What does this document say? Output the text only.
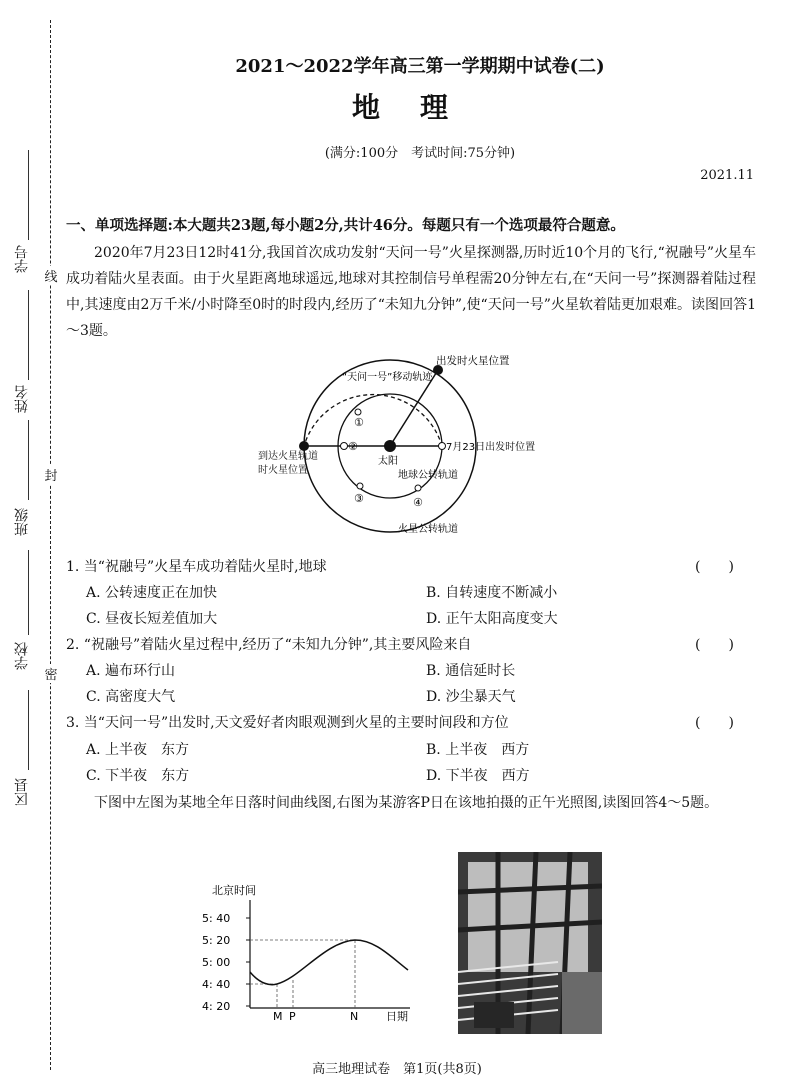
线
封
密
学号
姓名
班级
学校
区县
2021～2022学年高三第一学期期中试卷(二)
地理
(满分:100分　考试时间:75分钟)
2021.11
一、单项选择题:本大题共23题,每小题2分,共计46分。每题只有一个选项最符合题意。
2020年7月23日12时41分,我国首次成功发射“天问一号”火星探测器,历时近10个月的飞行,“祝融号”火星车成功着陆火星表面。由于火星距离地球遥远,地球对其控制信号单程需20分钟左右,在“天问一号”探测器着陆过程中,其速度由2万千米/小时降至0时的时段内,经历了“未知九分钟”,使“天问一号”火星软着陆更加艰难。读图回答1～3题。
①
②
③	④
出发时火星位置
“天问一号”移动轨迹
7月23日出发时位置
太阳
地球公转轨道
火星公转轨道
到达火星轨道时火星位置
1. 当“祝融号”火星车成功着陆火星时,地球	(　　)
A. 公转速度正在加快	B. 自转速度不断减小
C. 昼夜长短差值加大	D. 正午太阳高度变大
2. “祝融号”着陆火星过程中,经历了“未知九分钟”,其主要风险来自	(　　)
A. 遍布环行山	B. 通信延时长
C. 高密度大气	D. 沙尘暴天气
3. 当“天问一号”出发时,天文爱好者肉眼观测到火星的主要时间段和方位	(　　)
A. 上半夜　东方	B. 上半夜　西方
C. 下半夜　东方	D. 下半夜　西方
下图中左图为某地全年日落时间曲线图,右图为某游客P日在该地拍摄的正午光照图,读图回答4～5题。
北京时间
5: 40
5: 20
5: 00
4: 40
4: 20
M P	N	日期
高三地理试卷　第1页(共8页)
